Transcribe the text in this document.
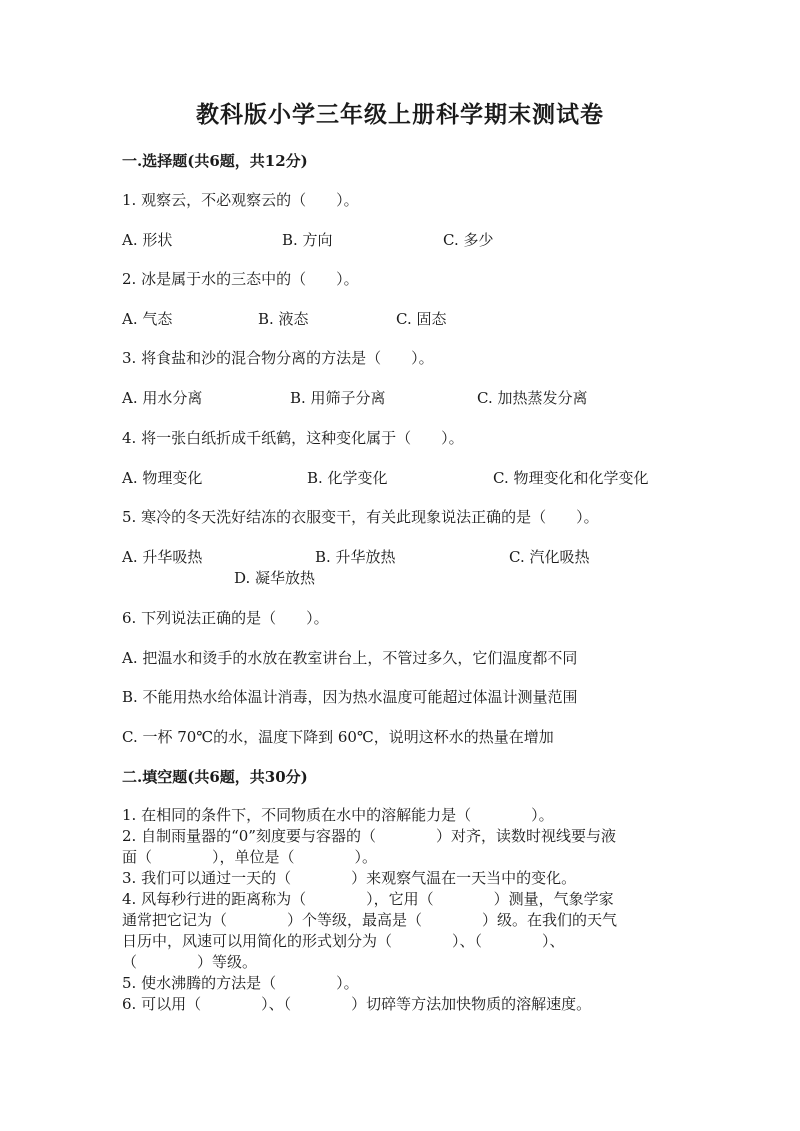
教科版小学三年级上册科学期末测试卷
一.选择题(共6题，共12分)
1. 观察云，不必观察云的（　　）。
A. 形状	B. 方向	C. 多少
2. 冰是属于水的三态中的（　　）。
A. 气态	B. 液态	C. 固态
3. 将食盐和沙的混合物分离的方法是（　　）。
A. 用水分离	B. 用筛子分离	C. 加热蒸发分离
4. 将一张白纸折成千纸鹤，这种变化属于（　　）。
A. 物理变化	B. 化学变化	C. 物理变化和化学变化
5. 寒冷的冬天洗好结冻的衣服变干，有关此现象说法正确的是（　　）。
A. 升华吸热	B. 升华放热	C. 汽化吸热
D. 凝华放热
6. 下列说法正确的是（　　）。
A. 把温水和烫手的水放在教室讲台上，不管过多久，它们温度都不同
B. 不能用热水给体温计消毒，因为热水温度可能超过体温计测量范围
C. 一杯 70℃的水，温度下降到 60℃，说明这杯水的热量在增加
二.填空题(共6题，共30分)
1. 在相同的条件下，不同物质在水中的溶解能力是（　　　　）。
2. 自制雨量器的“0”刻度要与容器的（　　　　）对齐，读数时视线要与液
面（　　　　），单位是（　　　　）。
3. 我们可以通过一天的（　　　　）来观察气温在一天当中的变化。
4. 风每秒行进的距离称为（　　　　），它用（　　　　）测量，气象学家
通常把它记为（　　　　）个等级，最高是（　　　　）级。在我们的天气
日历中，风速可以用简化的形式划分为（　　　　）、（　　　　）、
（　　　　）等级。
5. 使水沸腾的方法是（　　　　）。
6. 可以用（　　　　）、（　　　　）切碎等方法加快物质的溶解速度。
